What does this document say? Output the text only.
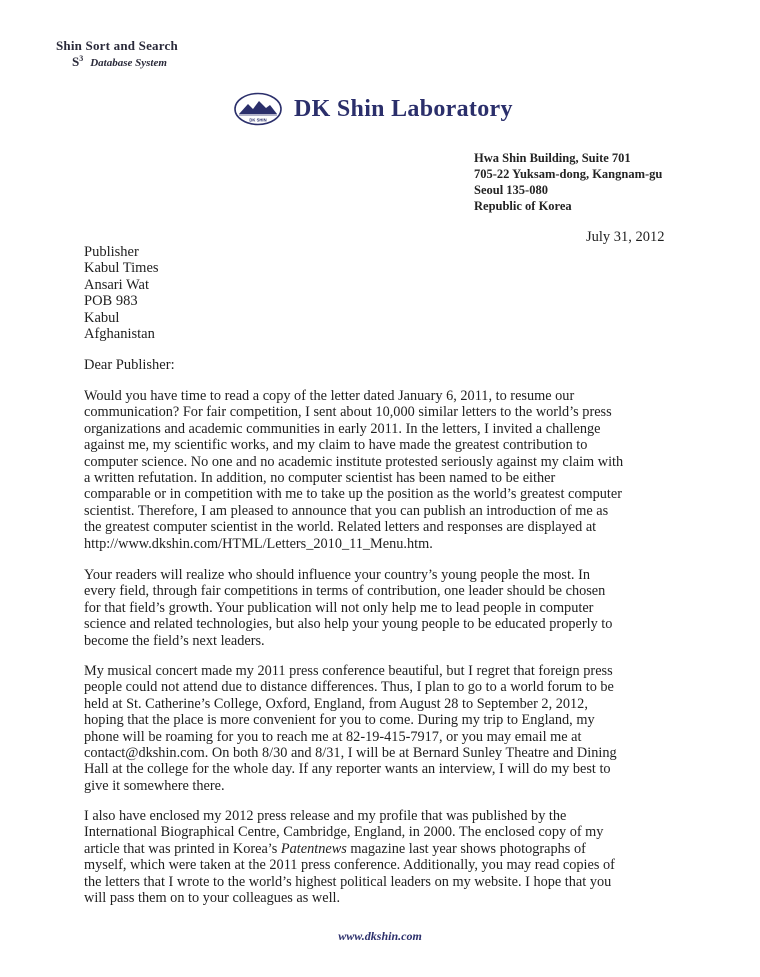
Shin Sort and Search
$S^3$ Database System
DK SHIN DK Shin Laboratory
Hwa Shin Building, Suite 701
705-22 Yuksam-dong, Kangnam-gu
Seoul 135-080
Republic of Korea
July 31, 2012
Publisher
Kabul Times
Ansari Wat
POB 983
Kabul
Afghanistan
Dear Publisher:
Would you have time to read a copy of the letter dated January 6, 2011, to resume our
communication? For fair competition, I sent about 10,000 similar letters to the world’s press
organizations and academic communities in early 2011. In the letters, I invited a challenge
against me, my scientific works, and my claim to have made the greatest contribution to
computer science. No one and no academic institute protested seriously against my claim with
a written refutation. In addition, no computer scientist has been named to be either
comparable or in competition with me to take up the position as the world’s greatest computer
scientist. Therefore, I am pleased to announce that you can publish an introduction of me as
the greatest computer scientist in the world. Related letters and responses are displayed at
http://www.dkshin.com/HTML/Letters_2010_11_Menu.htm.
Your readers will realize who should influence your country’s young people the most. In
every field, through fair competitions in terms of contribution, one leader should be chosen
for that field’s growth. Your publication will not only help me to lead people in computer
science and related technologies, but also help your young people to be educated properly to
become the field’s next leaders.
My musical concert made my 2011 press conference beautiful, but I regret that foreign press
people could not attend due to distance differences. Thus, I plan to go to a world forum to be
held at St. Catherine’s College, Oxford, England, from August 28 to September 2, 2012,
hoping that the place is more convenient for you to come. During my trip to England, my
phone will be roaming for you to reach me at 82-19-415-7917, or you may email me at
contact@dkshin.com. On both 8/30 and 8/31, I will be at Bernard Sunley Theatre and Dining
Hall at the college for the whole day. If any reporter wants an interview, I will do my best to
give it somewhere there.
I also have enclosed my 2012 press release and my profile that was published by the
International Biographical Centre, Cambridge, England, in 2000. The enclosed copy of my
article that was printed in Korea’s Patentnews magazine last year shows photographs of
myself, which were taken at the 2011 press conference. Additionally, you may read copies of
the letters that I wrote to the world’s highest political leaders on my website. I hope that you
will pass them on to your colleagues as well.
www.dkshin.com
